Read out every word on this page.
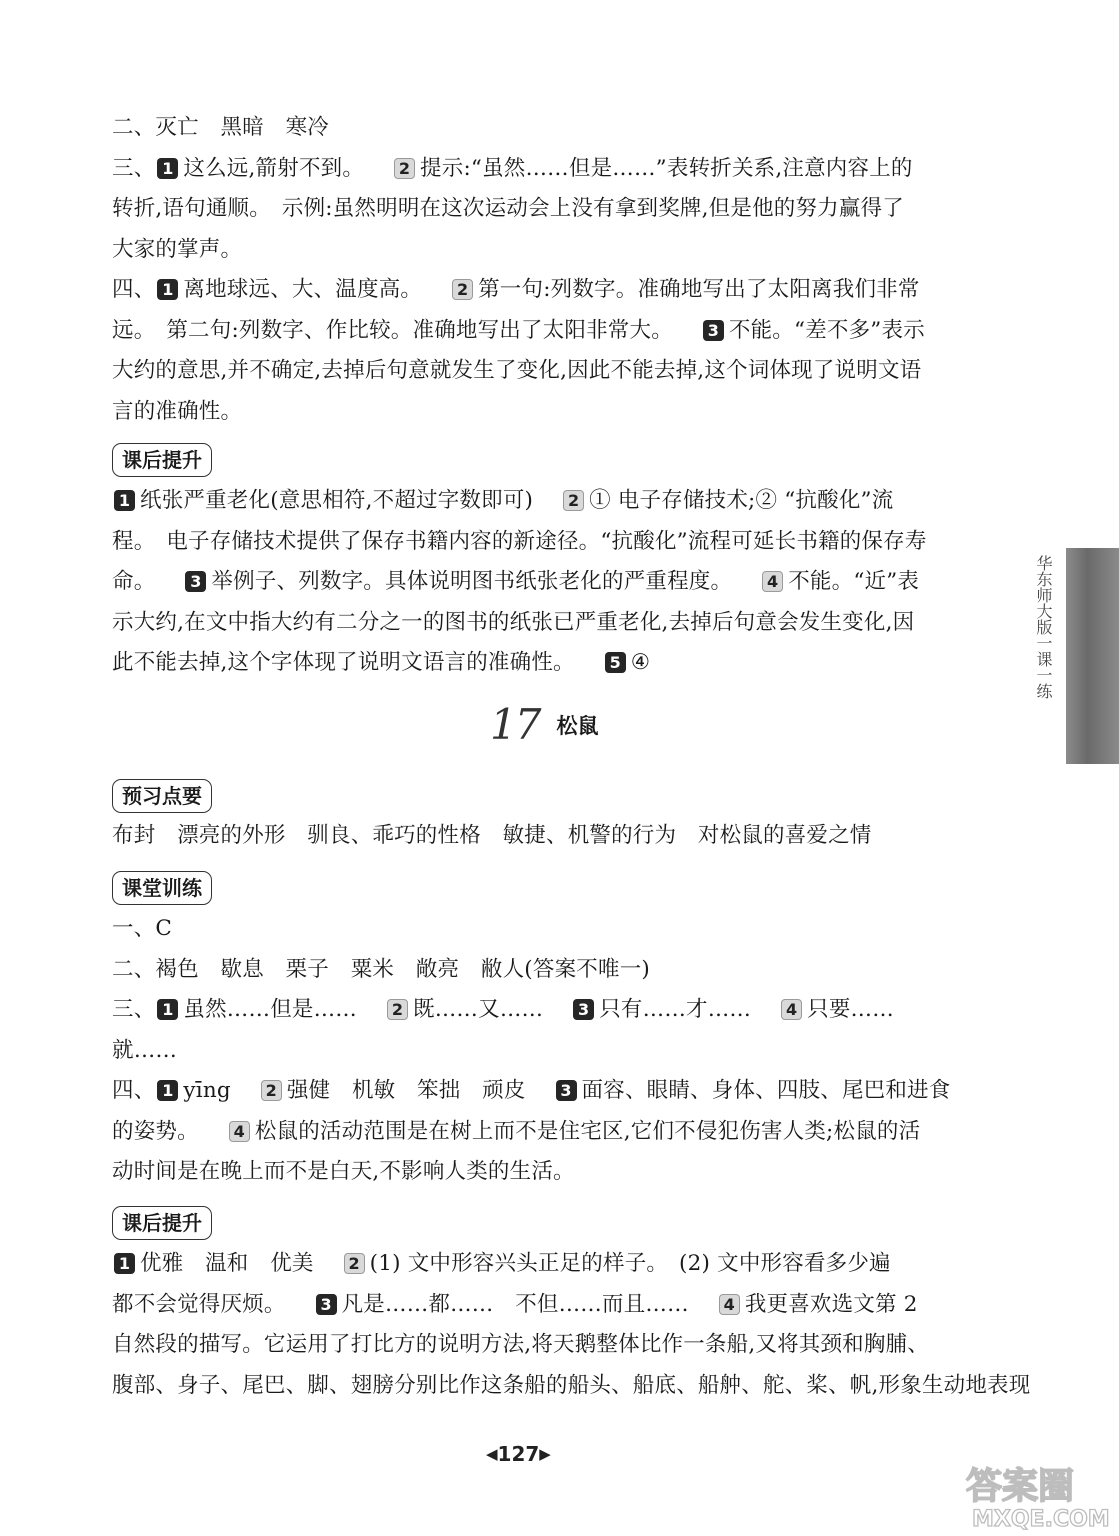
二、灭亡　黑暗　寒冷
三、 1 这么远,箭射不到。 2 提示:“虽然……但是……”表转折关系,注意内容上的
转折,语句通顺。　示例:虽然明明在这次运动会上没有拿到奖牌,但是他的努力赢得了
大家的掌声。
四、 1 离地球远、大、温度高。 2 第一句:列数字。准确地写出了太阳离我们非常
远。　第二句:列数字、作比较。准确地写出了太阳非常大。 3 不能。“差不多”表示
大约的意思,并不确定,去掉后句意就发生了变化,因此不能去掉,这个词体现了说明文语
言的准确性。
课后提升
1 纸张严重老化(意思相符,不超过字数即可) 2 ① 电子存储技术;② “抗酸化”流
程。　电子存储技术提供了保存书籍内容的新途径。“抗酸化”流程可延长书籍的保存寿
命。 3 举例子、列数字。具体说明图书纸张老化的严重程度。 4 不能。“近”表
示大约,在文中指大约有二分之一的图书的纸张已严重老化,去掉后句意会发生变化,因
此不能去掉,这个字体现了说明文语言的准确性。 5 ④
17 松鼠
预习点要
布封　漂亮的外形　驯良、乖巧的性格　敏捷、机警的行为　对松鼠的喜爱之情
课堂训练
一、C
二、褐色　歇息　栗子　粟米　敞亮　敝人(答案不唯一)
三、 1 虽然……但是…… 2 既……又…… 3 只有……才…… 4 只要……
就……
四、 1 yīng 2 强健　机敏　笨拙　顽皮 3 面容、眼睛、身体、四肢、尾巴和进食
的姿势。 4 松鼠的活动范围是在树上而不是住宅区,它们不侵犯伤害人类;松鼠的活
动时间是在晚上而不是白天,不影响人类的生活。
课后提升
1 优雅　温和　优美 2 (1) 文中形容兴头正足的样子。　(2) 文中形容看多少遍
都不会觉得厌烦。 3 凡是……都……　不但……而且…… 4 我更喜欢选文第 2
自然段的描写。它运用了打比方的说明方法,将天鹅整体比作一条船,又将其颈和胸脯、
腹部、身子、尾巴、脚、翅膀分别比作这条船的船头、船底、船舯、舵、桨、帆,形象生动地表现
华东师大版一课一练
◀127▶
答案圈
MXQE.COM
